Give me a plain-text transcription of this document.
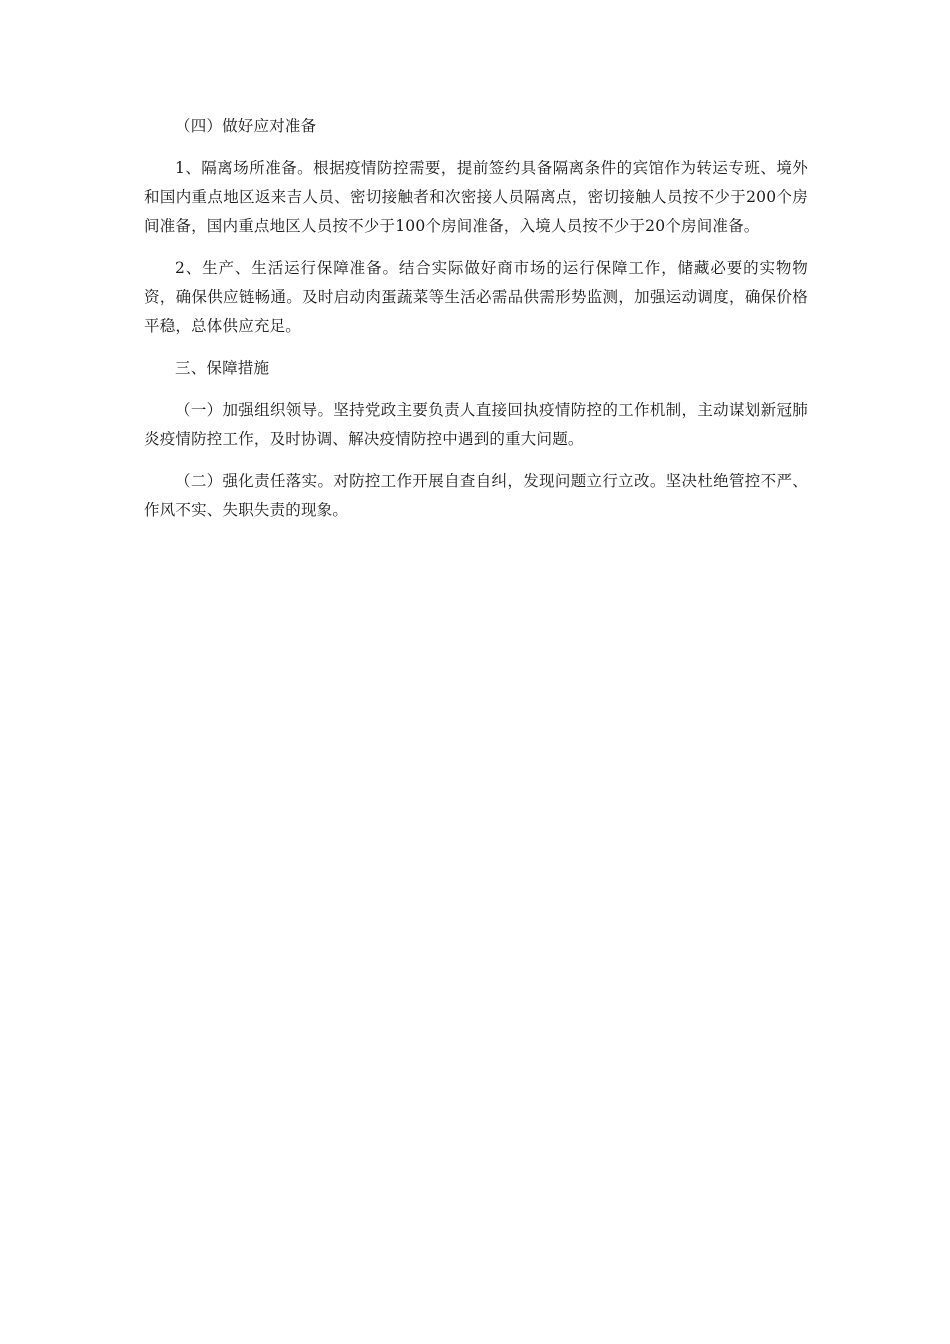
（四）做好应对准备

1、隔离场所准备。根据疫情防控需要，提前签约具备隔离条件的宾馆作为转运专班、境外和国内重点地区返来吉人员、密切接触者和次密接人员隔离点，密切接触人员按不少于200个房间准备，国内重点地区人员按不少于100个房间准备，入境人员按不少于20个房间准备。

2、生产、生活运行保障准备。结合实际做好商市场的运行保障工作，储藏必要的实物物资，确保供应链畅通。及时启动肉蛋蔬菜等生活必需品供需形势监测，加强运动调度，确保价格平稳，总体供应充足。

三、保障措施

（一）加强组织领导。坚持党政主要负责人直接回执疫情防控的工作机制，主动谋划新冠肺炎疫情防控工作，及时协调、解决疫情防控中遇到的重大问题。

（二）强化责任落实。对防控工作开展自查自纠，发现问题立行立改。坚决杜绝管控不严、作风不实、失职失责的现象。
